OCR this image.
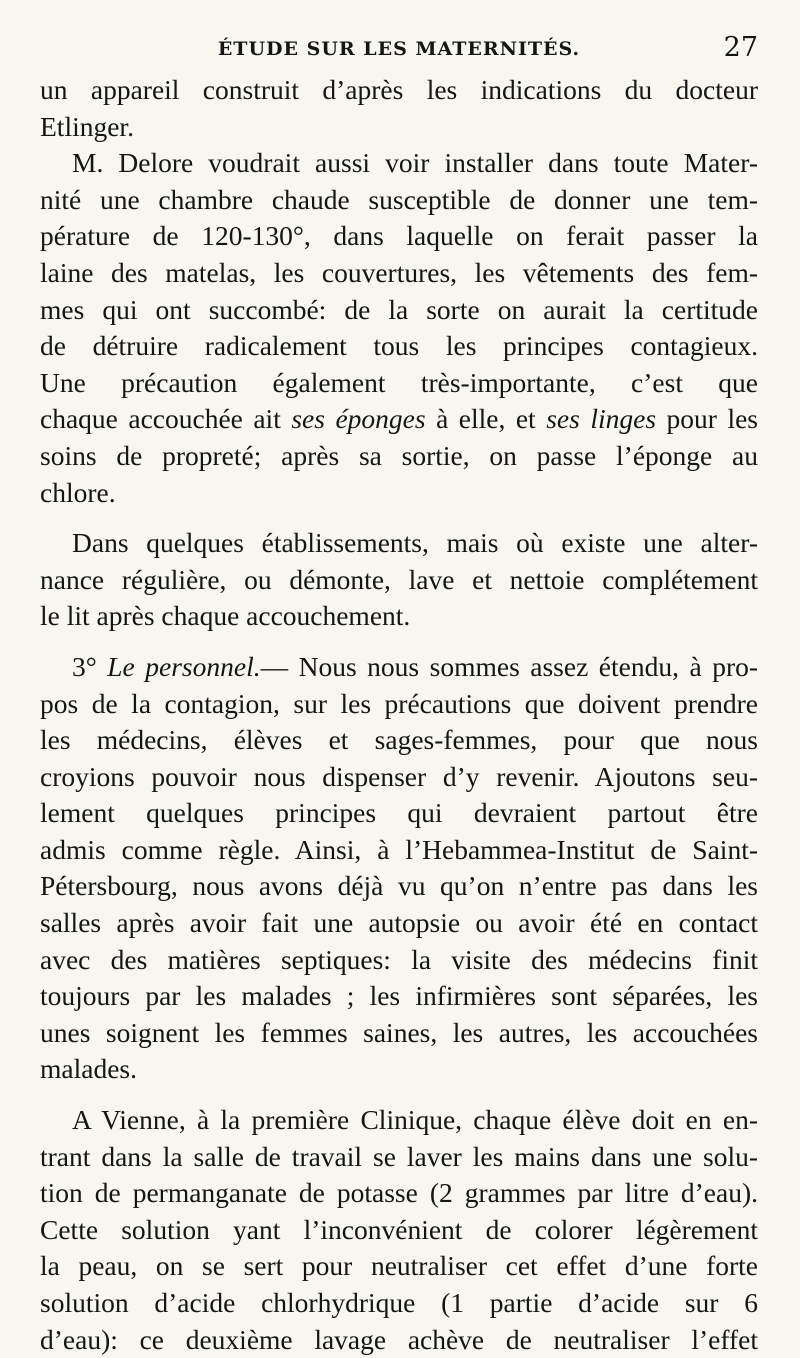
ÉTUDE SUR LES MATERNITÉS.	27
un appareil construit d’après les indications du docteur
Etlinger.
M. Delore voudrait aussi voir installer dans toute Mater-
nité une chambre chaude susceptible de donner une tem-
pérature de 120-130°, dans laquelle on ferait passer la
laine des matelas, les couvertures, les vêtements des fem-
mes qui ont succombé: de la sorte on aurait la certitude
de détruire radicalement tous les principes contagieux.
Une précaution également très-importante, c’est que
chaque accouchée ait ses éponges à elle, et ses linges pour les
soins de propreté; après sa sortie, on passe l’éponge au
chlore.
Dans quelques établissements, mais où existe une alter-
nance régulière, ou démonte, lave et nettoie complétement
le lit après chaque accouchement.
3° Le personnel.— Nous nous sommes assez étendu, à pro-
pos de la contagion, sur les précautions que doivent prendre
les médecins, élèves et sages-femmes, pour que nous
croyions pouvoir nous dispenser d’y revenir. Ajoutons seu-
lement quelques principes qui devraient partout être
admis comme règle. Ainsi, à l’Hebammea-Institut de Saint-
Pétersbourg, nous avons déjà vu qu’on n’entre pas dans les
salles après avoir fait une autopsie ou avoir été en contact
avec des matières septiques: la visite des médecins finit
toujours par les malades ; les infirmières sont séparées, les
unes soignent les femmes saines, les autres, les accouchées
malades.
A Vienne, à la première Clinique, chaque élève doit en en-
trant dans la salle de travail se laver les mains dans une solu-
tion de permanganate de potasse (2 grammes par litre d’eau).
Cette solution yant l’inconvénient de colorer légèrement
la peau, on se sert pour neutraliser cet effet d’une forte
solution d’acide chlorhydrique (1 partie d’acide sur 6
d’eau): ce deuxième lavage achève de neutraliser l’effet
